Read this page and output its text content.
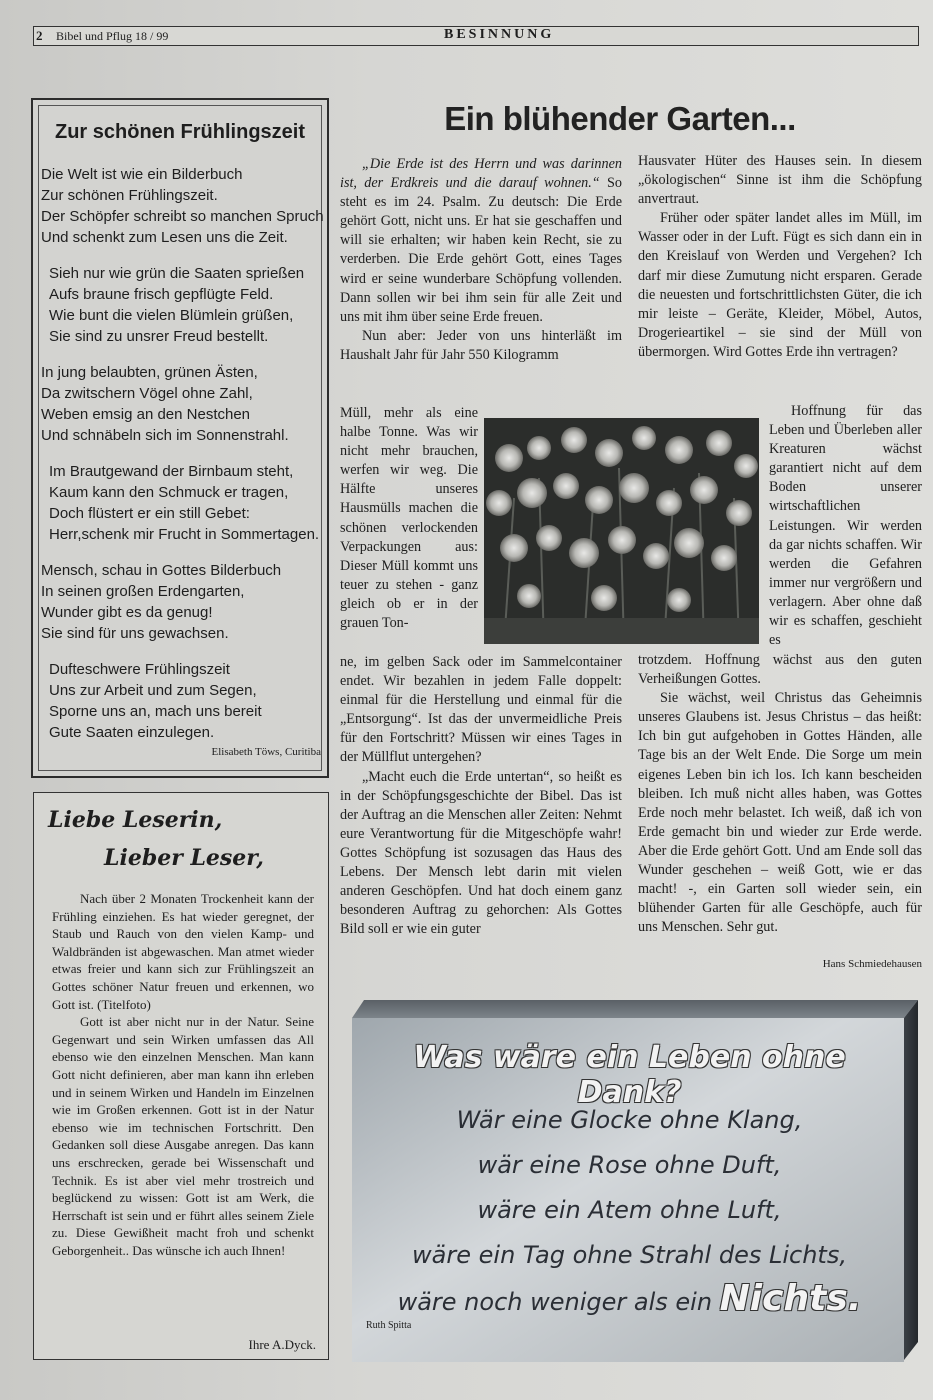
2 Bibel und Pflug 18 / 99	BESINNUNG
Zur schönen Frühlingszeit
Die Welt ist wie ein Bilderbuch
Zur schönen Frühlingszeit.
Der Schöpfer schreibt so manchen Spruch
Und schenkt zum Lesen uns die Zeit.
Sieh nur wie grün die Saaten sprießen
Aufs braune frisch gepflügte Feld.
Wie bunt die vielen Blümlein grüßen,
Sie sind zu unsrer Freud bestellt.
In jung belaubten, grünen Ästen,
Da zwitschern Vögel ohne Zahl,
Weben emsig an den Nestchen
Und schnäbeln sich im Sonnenstrahl.
Im Brautgewand der Birnbaum steht,
Kaum kann den Schmuck er tragen,
Doch flüstert er ein still Gebet:
Herr,schenk mir Frucht in Sommertagen.
Mensch, schau in Gottes Bilderbuch
In seinen großen Erdengarten,
Wunder gibt es da genug!
Sie sind für uns gewachsen.
Dufteschwere Frühlingszeit
Uns zur Arbeit und zum Segen,
Sporne uns an, mach uns bereit
Gute Saaten einzulegen.
Elisabeth Töws, Curitiba
Liebe Leserin,
Lieber Leser,

Nach über 2 Monaten Trockenheit kann der Frühling einziehen. Es hat wieder geregnet, der Staub und Rauch von den vielen Kamp- und Waldbränden ist abgewaschen. Man atmet wieder etwas freier und kann sich zur Frühlingszeit an Gottes schöner Natur freuen und erkennen, wo Gott ist. (Titelfoto)

Gott ist aber nicht nur in der Natur. Seine Gegenwart und sein Wirken umfassen das All ebenso wie den einzelnen Menschen. Man kann Gott nicht definieren, aber man kann ihn erleben und in seinem Wirken und Handeln im Einzelnen wie im Großen erkennen. Gott ist in der Natur ebenso wie im technischen Fortschritt. Den Gedanken soll diese Ausgabe anregen. Das kann uns erschrecken, gerade bei Wissenschaft und Technik. Es ist aber viel mehr trostreich und beglückend zu wissen: Gott ist am Werk, die Herrschaft ist sein und er führt alles seinem Ziele zu. Diese Gewißheit macht froh und schenkt Geborgenheit.. Das wünsche ich auch Ihnen!

Ihre A.Dyck.
Ein blühender Garten...

„Die Erde ist des Herrn und was darinnen ist, der Erdkreis und die darauf wohnen.“ So steht es im 24. Psalm. Zu deutsch: Die Erde gehört Gott, nicht uns. Er hat sie geschaffen und will sie erhalten; wir haben kein Recht, sie zu verderben. Die Erde gehört Gott, eines Tages wird er seine wunderbare Schöpfung vollenden. Dann sollen wir bei ihm sein für alle Zeit und uns mit ihm über seine Erde freuen.

Nun aber: Jeder von uns hinterläßt im Haushalt Jahr für Jahr 550 Kilogramm

Müll, mehr als eine halbe Tonne. Was wir nicht mehr brauchen, werfen wir weg. Die Hälfte unseres Hausmülls machen die schönen verlockenden Verpackungen aus: Dieser Müll kommt uns teuer zu stehen - ganz gleich ob er in der grauen Ton-

ne, im gelben Sack oder im Sammelcontainer endet. Wir bezahlen in jedem Falle doppelt: einmal für die Herstellung und einmal für die „Entsorgung“. Ist das der unvermeidliche Preis für den Fortschritt? Müssen wir eines Tages in der Müllflut untergehen?

„Macht euch die Erde untertan“, so heißt es in der Schöpfungsgeschichte der Bibel. Das ist der Auftrag an die Menschen aller Zeiten: Nehmt eure Verantwortung für die Mitgeschöpfe wahr! Gottes Schöpfung ist sozusagen das Haus des Lebens. Der Mensch lebt darin mit vielen anderen Geschöpfen. Und hat doch einem ganz besonderen Auftrag zu gehorchen: Als Gottes Bild soll er wie ein guter

Hausvater Hüter des Hauses sein. In diesem „ökologischen“ Sinne ist ihm die Schöpfung anvertraut.

Früher oder später landet alles im Müll, im Wasser oder in der Luft. Fügt es sich dann ein in den Kreislauf von Werden und Vergehen? Ich darf mir diese Zumutung nicht ersparen. Gerade die neuesten und fortschrittlichsten Güter, die ich mir leiste – Geräte, Kleider, Möbel, Autos, Drogerieartikel – sie sind der Müll von übermorgen. Wird Gottes Erde ihn vertragen?

Hoffnung für das Leben und Überleben aller Kreaturen wächst garantiert nicht auf dem Boden unserer wirtschaftlichen Leistungen. Wir werden da gar nichts schaffen. Wir werden die Gefahren immer nur vergrößern und verlagern. Aber ohne daß wir es schaffen, geschieht es

trotzdem. Hoffnung wächst aus den guten Verheißungen Gottes.

Sie wächst, weil Christus das Geheimnis unseres Glaubens ist. Jesus Christus – das heißt: Ich bin gut aufgehoben in Gottes Händen, alle Tage bis an der Welt Ende. Die Sorge um mein eigenes Leben bin ich los. Ich kann bescheiden bleiben. Ich muß nicht alles haben, was Gottes Erde noch mehr belastet. Ich weiß, daß ich von Erde gemacht bin und wieder zur Erde werde. Aber die Erde gehört Gott. Und am Ende soll das Wunder geschehen – weiß Gott, wie er das macht! -, ein Garten soll wieder sein, ein blühender Garten für alle Geschöpfe, auch für uns Menschen. Sehr gut.

Hans Schmiedehausen
Was wäre ein Leben ohne Dank?
Wär eine Glocke ohne Klang,
wär eine Rose ohne Duft,
wäre ein Atem ohne Luft,
wäre ein Tag ohne Strahl des Lichts,
wäre noch weniger als ein Nichts.
Ruth Spitta
